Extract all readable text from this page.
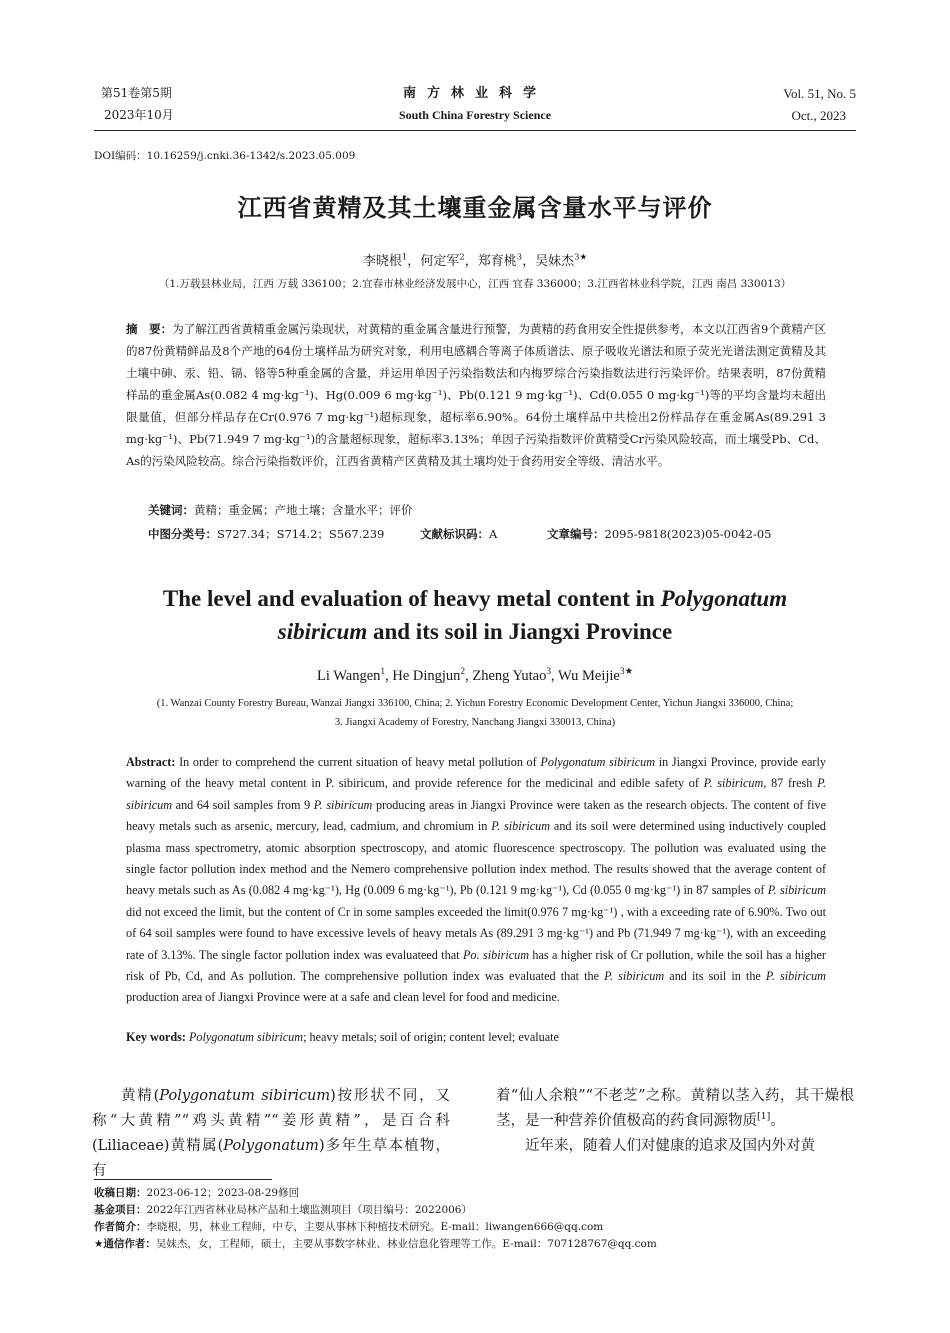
第51卷第5期
2023年10月
南方林业科学
South China Forestry Science
Vol. 51, No. 5
Oct., 2023
DOI编码：10.16259/j.cnki.36-1342/s.2023.05.009
江西省黄精及其土壤重金属含量水平与评价
李晓根$^1$，何定军$^2$，郑育桃$^3$，吴妹杰$^{3★}$
（1.万载县林业局，江西 万载 336100；2.宜春市林业经济发展中心，江西 宜春 336000；3.江西省林业科学院，江西 南昌 330013）
摘　要：为了解江西省黄精重金属污染现状，对黄精的重金属含量进行预警，为黄精的药食用安全性提供参考，本文以江西省9个黄精产区的87份黄精鲜品及8个产地的64份土壤样品为研究对象，利用电感耦合等离子体质谱法、原子吸收光谱法和原子荧光光谱法测定黄精及其土壤中砷、汞、铅、镉、铬等5种重金属的含量，并运用单因子污染指数法和内梅罗综合污染指数法进行污染评价。结果表明，87份黄精样品的重金属As(0.082 4 mg·kg⁻¹)、Hg(0.009 6 mg·kg⁻¹)、Pb(0.121 9 mg·kg⁻¹)、Cd(0.055 0 mg·kg⁻¹)等的平均含量均未超出限量值，但部分样品存在Cr(0.976 7 mg·kg⁻¹)超标现象，超标率6.90%。64份土壤样品中共检出2份样品存在重金属As(89.291 3 mg·kg⁻¹)、Pb(71.949 7 mg·kg⁻¹)的含量超标现象，超标率3.13%；单因子污染指数评价黄精受Cr污染风险较高，而土壤受Pb、Cd、As的污染风险较高。综合污染指数评价，江西省黄精产区黄精及其土壤均处于食药用安全等级、清洁水平。
关键词：黄精；重金属；产地土壤；含量水平；评价
中图分类号：S727.34；S714.2；S567.239	文献标识码：A	文章编号：2095-9818(2023)05-0042-05
The level and evaluation of heavy metal content in Polygonatum
sibiricum and its soil in Jiangxi Province
Li Wangen$^1$, He Dingjun$^2$, Zheng Yutao$^3$, Wu Meijie$^{3★}$
(1. Wanzai County Forestry Bureau, Wanzai Jiangxi 336100, China; 2. Yichun Forestry Economic Development Center, Yichun Jiangxi 336000, China;
3. Jiangxi Academy of Forestry, Nanchang Jiangxi 330013, China)
Abstract: In order to comprehend the current situation of heavy metal pollution of Polygonatum sibiricum in Jiangxi Province, provide early warning of the heavy metal content in P. sibiricum, and provide reference for the medicinal and edible safety of P. sibiricum, 87 fresh P. sibiricum and 64 soil samples from 9 P. sibiricum producing areas in Jiangxi Province were taken as the research objects. The content of five heavy metals such as arsenic, mercury, lead, cadmium, and chromium in P. sibiricum and its soil were determined using inductively coupled plasma mass spectrometry, atomic absorption spectroscopy, and atomic fluorescence spectroscopy. The pollution was evaluated using the single factor pollution index method and the Nemero comprehensive pollution index method. The results showed that the average content of heavy metals such as As (0.082 4 mg·kg⁻¹), Hg (0.009 6 mg·kg⁻¹), Pb (0.121 9 mg·kg⁻¹), Cd (0.055 0 mg·kg⁻¹) in 87 samples of P. sibiricum did not exceed the limit, but the content of Cr in some samples exceeded the limit(0.976 7 mg·kg⁻¹) , with a exceeding rate of 6.90%. Two out of 64 soil samples were found to have excessive levels of heavy metals As (89.291 3 mg·kg⁻¹) and Pb (71.949 7 mg·kg⁻¹), with an exceeding rate of 3.13%. The single factor pollution index was evaluateed that Po. sibiricum has a higher risk of Cr pollution, while the soil has a higher risk of Pb, Cd, and As pollution. The comprehensive pollution index was evaluated that the P. sibiricum and its soil in the P. sibiricum production area of Jiangxi Province were at a safe and clean level for food and medicine.
Key words: Polygonatum sibiricum; heavy metals; soil of origin; content level; evaluate
黄精(Polygonatum sibiricum)按形状不同，又称“大黄精”“鸡头黄精”“姜形黄精”，是百合科(Liliaceae)黄精属(Polygonatum)多年生草本植物，有
着“仙人余粮”“不老芝”之称。黄精以茎入药，其干燥根茎，是一种营养价值极高的药食同源物质[1]。
近年来，随着人们对健康的追求及国内外对黄
收稿日期：2023-06-12；2023-08-29修回
基金项目：2022年江西省林业局林产品和土壤监测项目（项目编号：2022006）
作者简介：李晓根，男，林业工程师，中专，主要从事林下种植技术研究。E-mail：liwangen666@qq.com
★通信作者：吴妹杰，女，工程师，硕士，主要从事数字林业、林业信息化管理等工作。E-mail：707128767@qq.com
